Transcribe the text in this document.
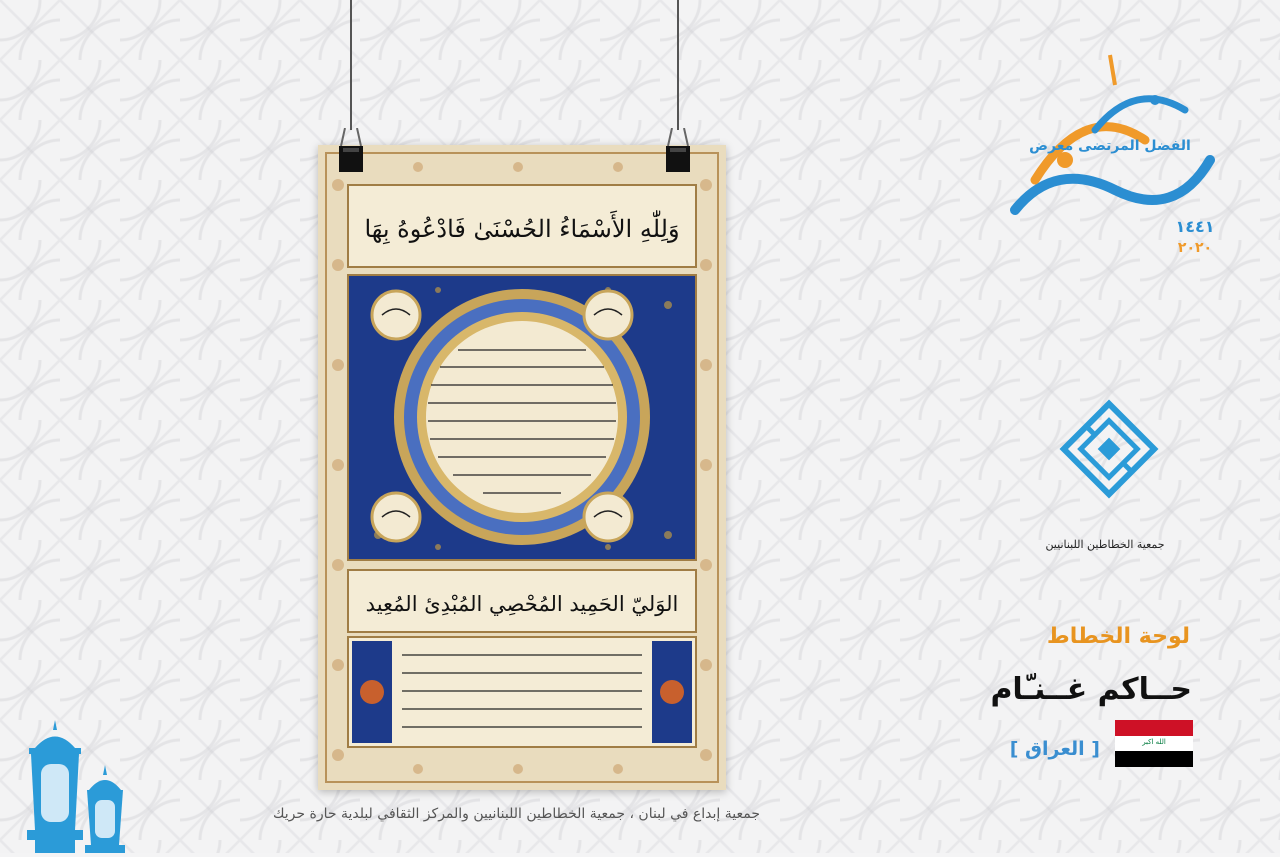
وَلِلّٰهِ الأَسْمَاءُ الحُسْنَىٰ فَادْعُوهُ بِهَا
الوَليّ الحَمِيد المُحْصِي المُبْدِئ المُعِيد
الفضل المرتضى معرض
١٤٤١
٢٠٢٠
جمعية الخطاطين اللبنانيين
لوحة الخطاط
حــاكم غــنـّام
[ العراق ]	الله اكبر
جمعية إبداع في لبنان ، جمعية الخطاطين اللبنانيين والمركز الثقافي لبلدية حارة حريك
